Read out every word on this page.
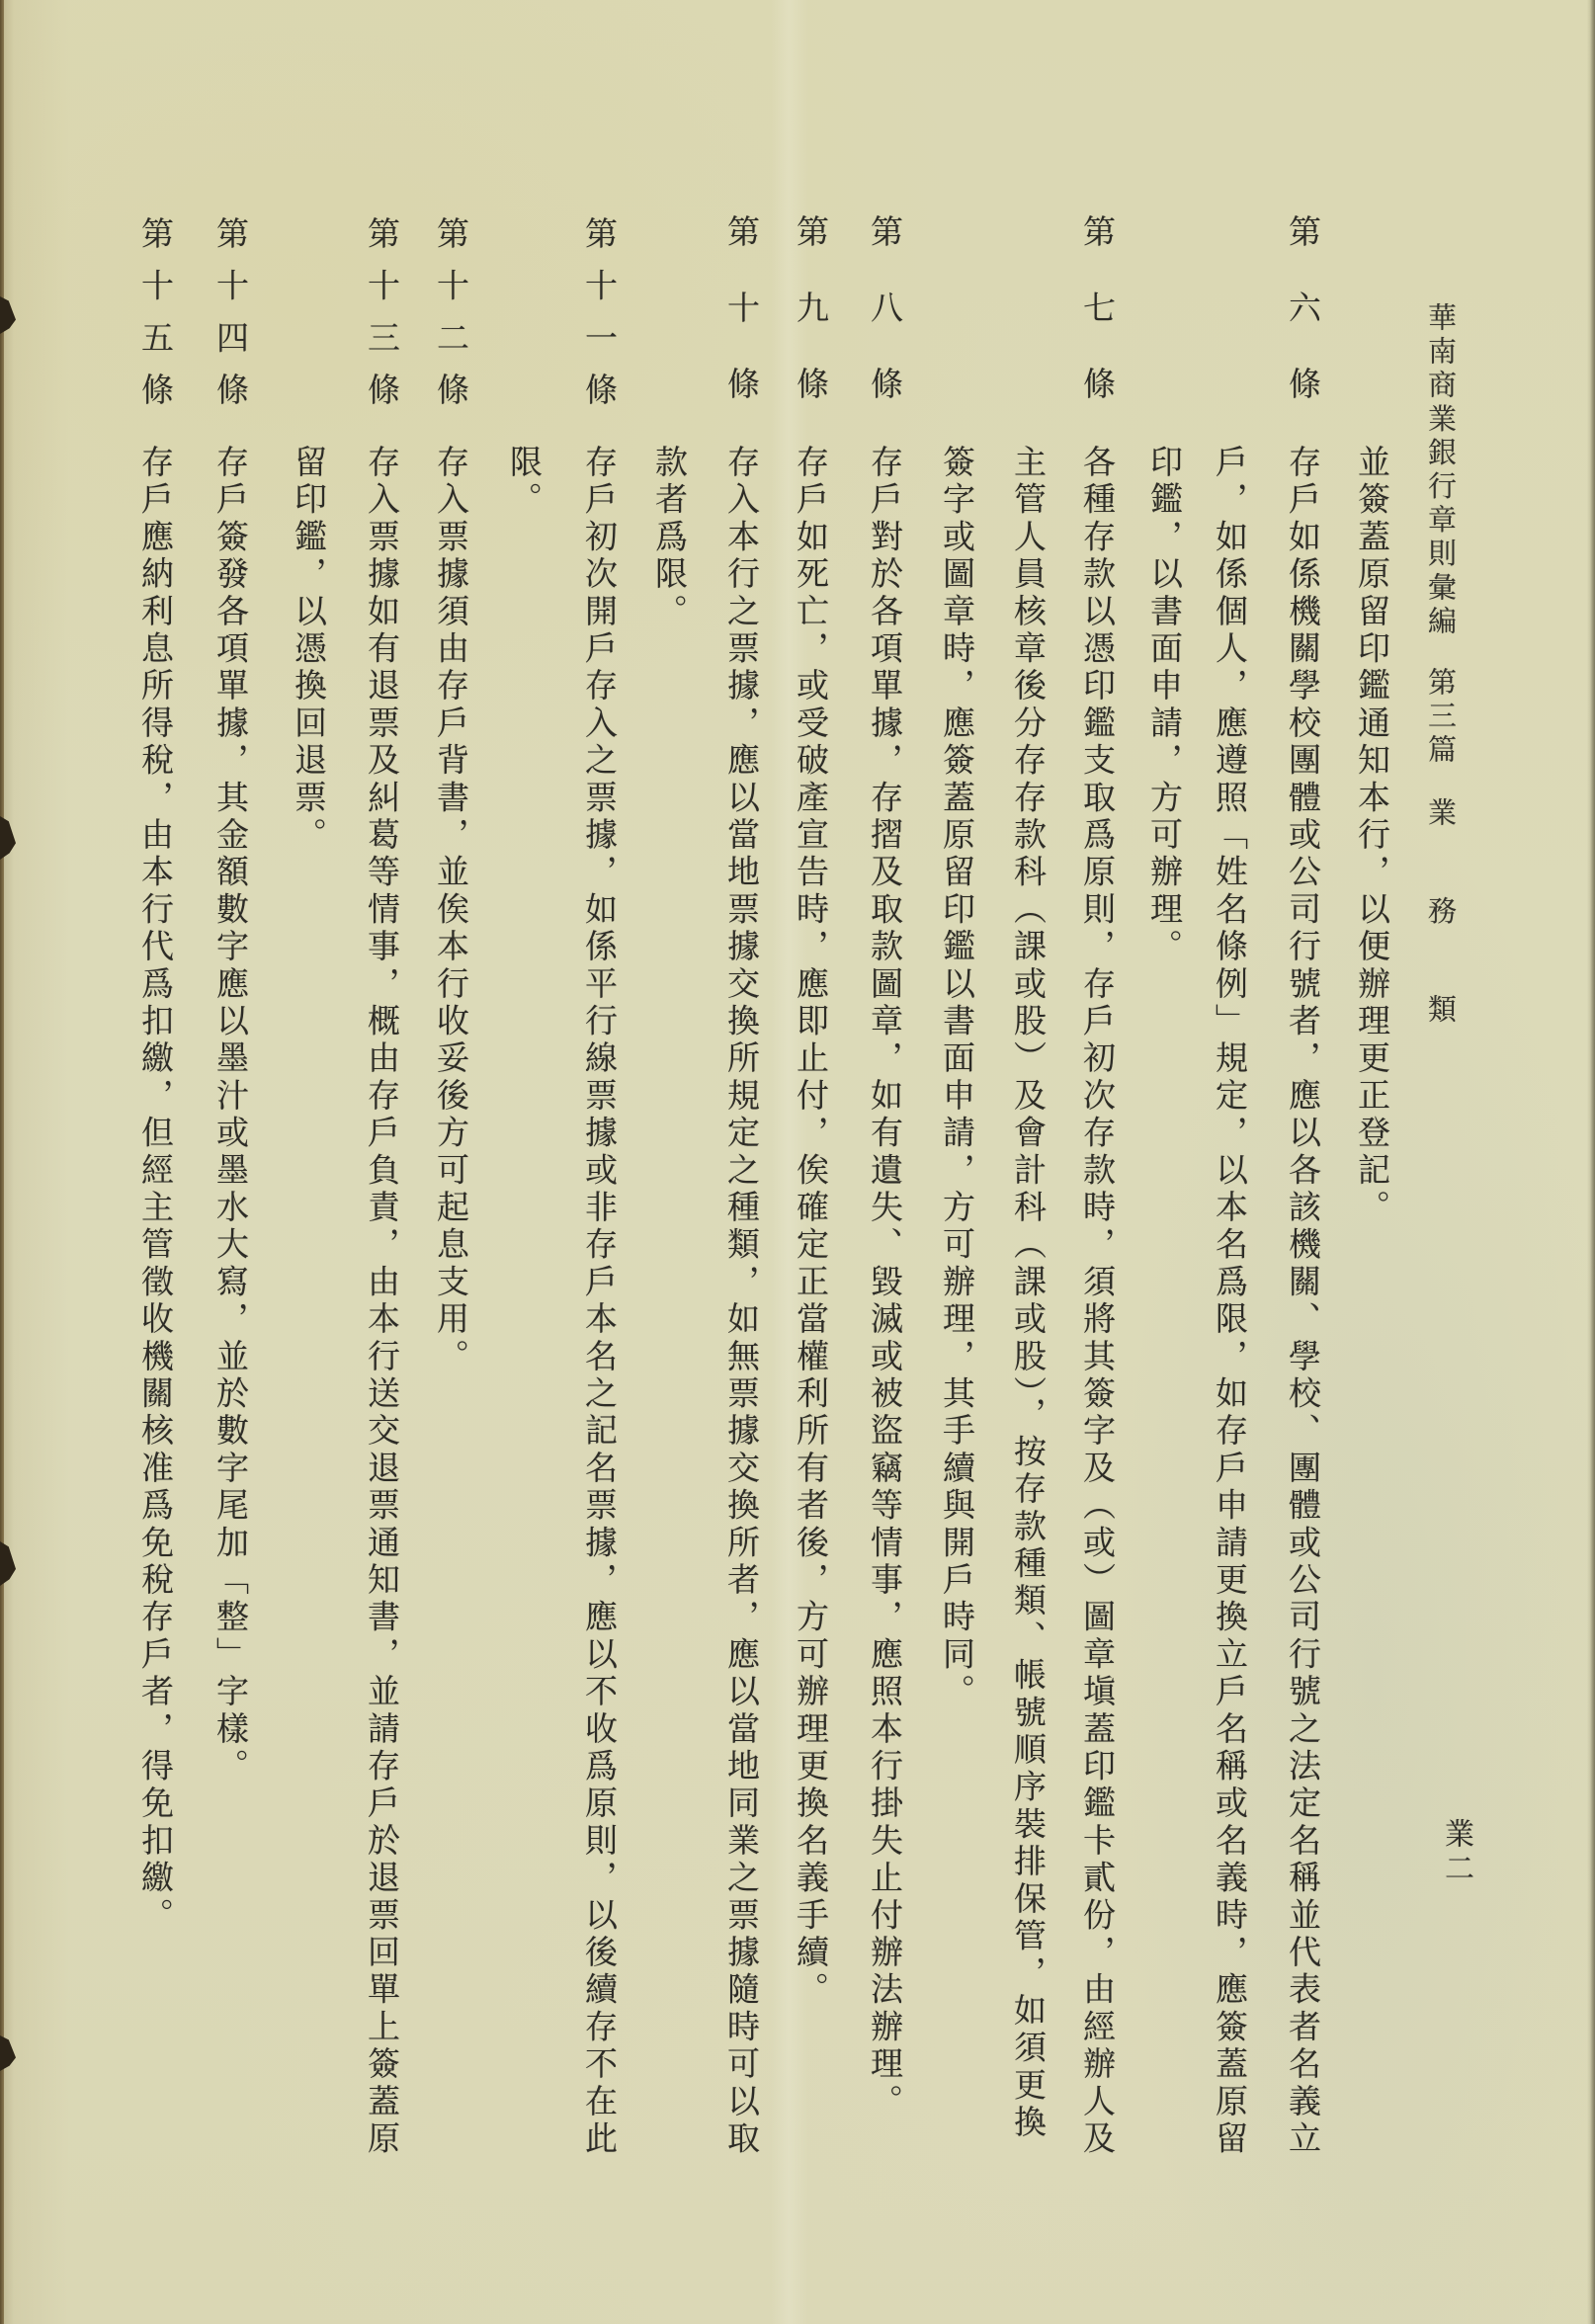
華南商業銀行章則彙編
第三篇
業務類
業二
並簽蓋原留印鑑通知本行，以便辦理更正登記。
第六條
存戶如係機關學校團體或公司行號者，應以各該機關、學校、團體或公司行號之法定名稱並代表者名義立
戶，如係個人，應遵照「姓名條例」規定，以本名爲限，如存戶申請更換立戶名稱或名義時，應簽蓋原留
印鑑，以書面申請，方可辦理。
第七條
各種存款以憑印鑑支取爲原則，存戶初次存款時，須將其簽字及（或）圖章塡蓋印鑑卡貳份，由經辦人及
主管人員核章後分存存款科（課或股）及會計科（課或股），按存款種類、帳號順序裝排保管，如須更換
簽字或圖章時，應簽蓋原留印鑑以書面申請，方可辦理，其手續與開戶時同。
第八條
存戶對於各項單據，存摺及取款圖章，如有遺失、毀滅或被盜竊等情事，應照本行掛失止付辦法辦理。
第九條
存戶如死亡，或受破產宣告時，應即止付，俟確定正當權利所有者後，方可辦理更換名義手續。
第十條
存入本行之票據，應以當地票據交換所規定之種類，如無票據交換所者，應以當地同業之票據隨時可以取
款者爲限。
第十一條
存戶初次開戶存入之票據，如係平行線票據或非存戶本名之記名票據，應以不收爲原則，以後續存不在此
限。
第十二條
存入票據須由存戶背書，並俟本行收妥後方可起息支用。
第十三條
存入票據如有退票及糾葛等情事，概由存戶負責，由本行送交退票通知書，並請存戶於退票回單上簽蓋原
留印鑑，以憑換回退票。
第十四條
存戶簽發各項單據，其金額數字應以墨汁或墨水大寫，並於數字尾加「整」字樣。
第十五條
存戶應納利息所得稅，由本行代爲扣繳，但經主管徵收機關核准爲免稅存戶者，得免扣繳。
